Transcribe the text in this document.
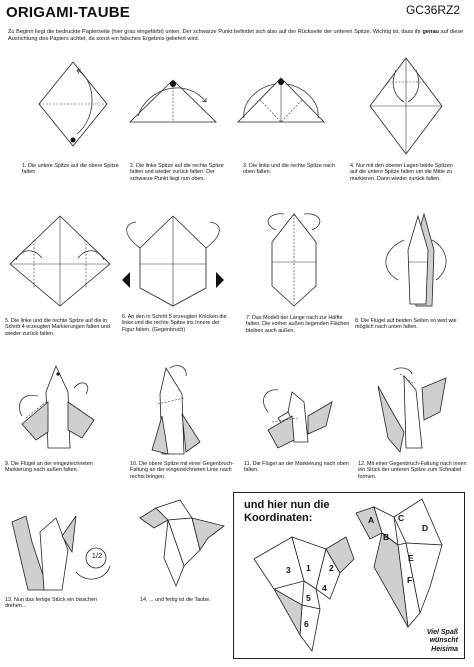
ORIGAMI-TAUBE	GC36RZ2
Zu Beginn liegt die bedruckte Papierseite (hier grau eingefärbt) unten. Der schwarze Punkt befindet sich also auf der Rückseite der unteren Spitze. Wichtig ist, dass ihr genau auf diese Ausrichtung des Papiers achtet, da sonst ein falsches Ergebnis geliefert wird.
1. Die untere Spitze auf die obere Spitze falten
2. Die linke Spitze auf die rechte Spitze falten und wieder zurück falten. Der schwarze Punkt liegt nun oben.
3. Die linke und die rechte Spitze nach oben falten.
4. Nur mit den oberen Lagen beide Spitzen auf die untere Spitze falten um die Mitte zu markieren. Dann wieder zurück falten.
5. Die linke und die rechte Spitze auf die in Schritt 4 erzeugten Markierungen falten und wieder zurück falten.
6. An den in Schritt 5 erzeugten Knicken die linke und die rechte Spitze ins Innere der Figur falten. (Gegenbruch)
7. Das Modell der Länge nach zur Hälfte falten. Die vorher außen liegenden Flächen bleiben auch außen.
8. Die Flügel auf beiden Seiten so weit wie möglich nach unten falten.
9. Die Flügel an der eingezeichneten Markierung nach außen falten.
10. Die obere Spitze mit einer Gegenbruch-Faltung an der eingezeichneten Linie nach rechts bringen.
11. Die Flügel an der Markierung nach oben falten.
12. Mit einer Gegenbruch-Faltung nach innen ein Stück der unteren Spitze zum Schnabel formen.
1/2
13. Nun das fertige Stück ein bisschen drehen...
14. ... und fertig ist die Taube.
und hier nun die Koordinaten:	A
B
C
D
E
F
1 2
3
4
5
6
Viel Spaß
wünscht
Heisima
